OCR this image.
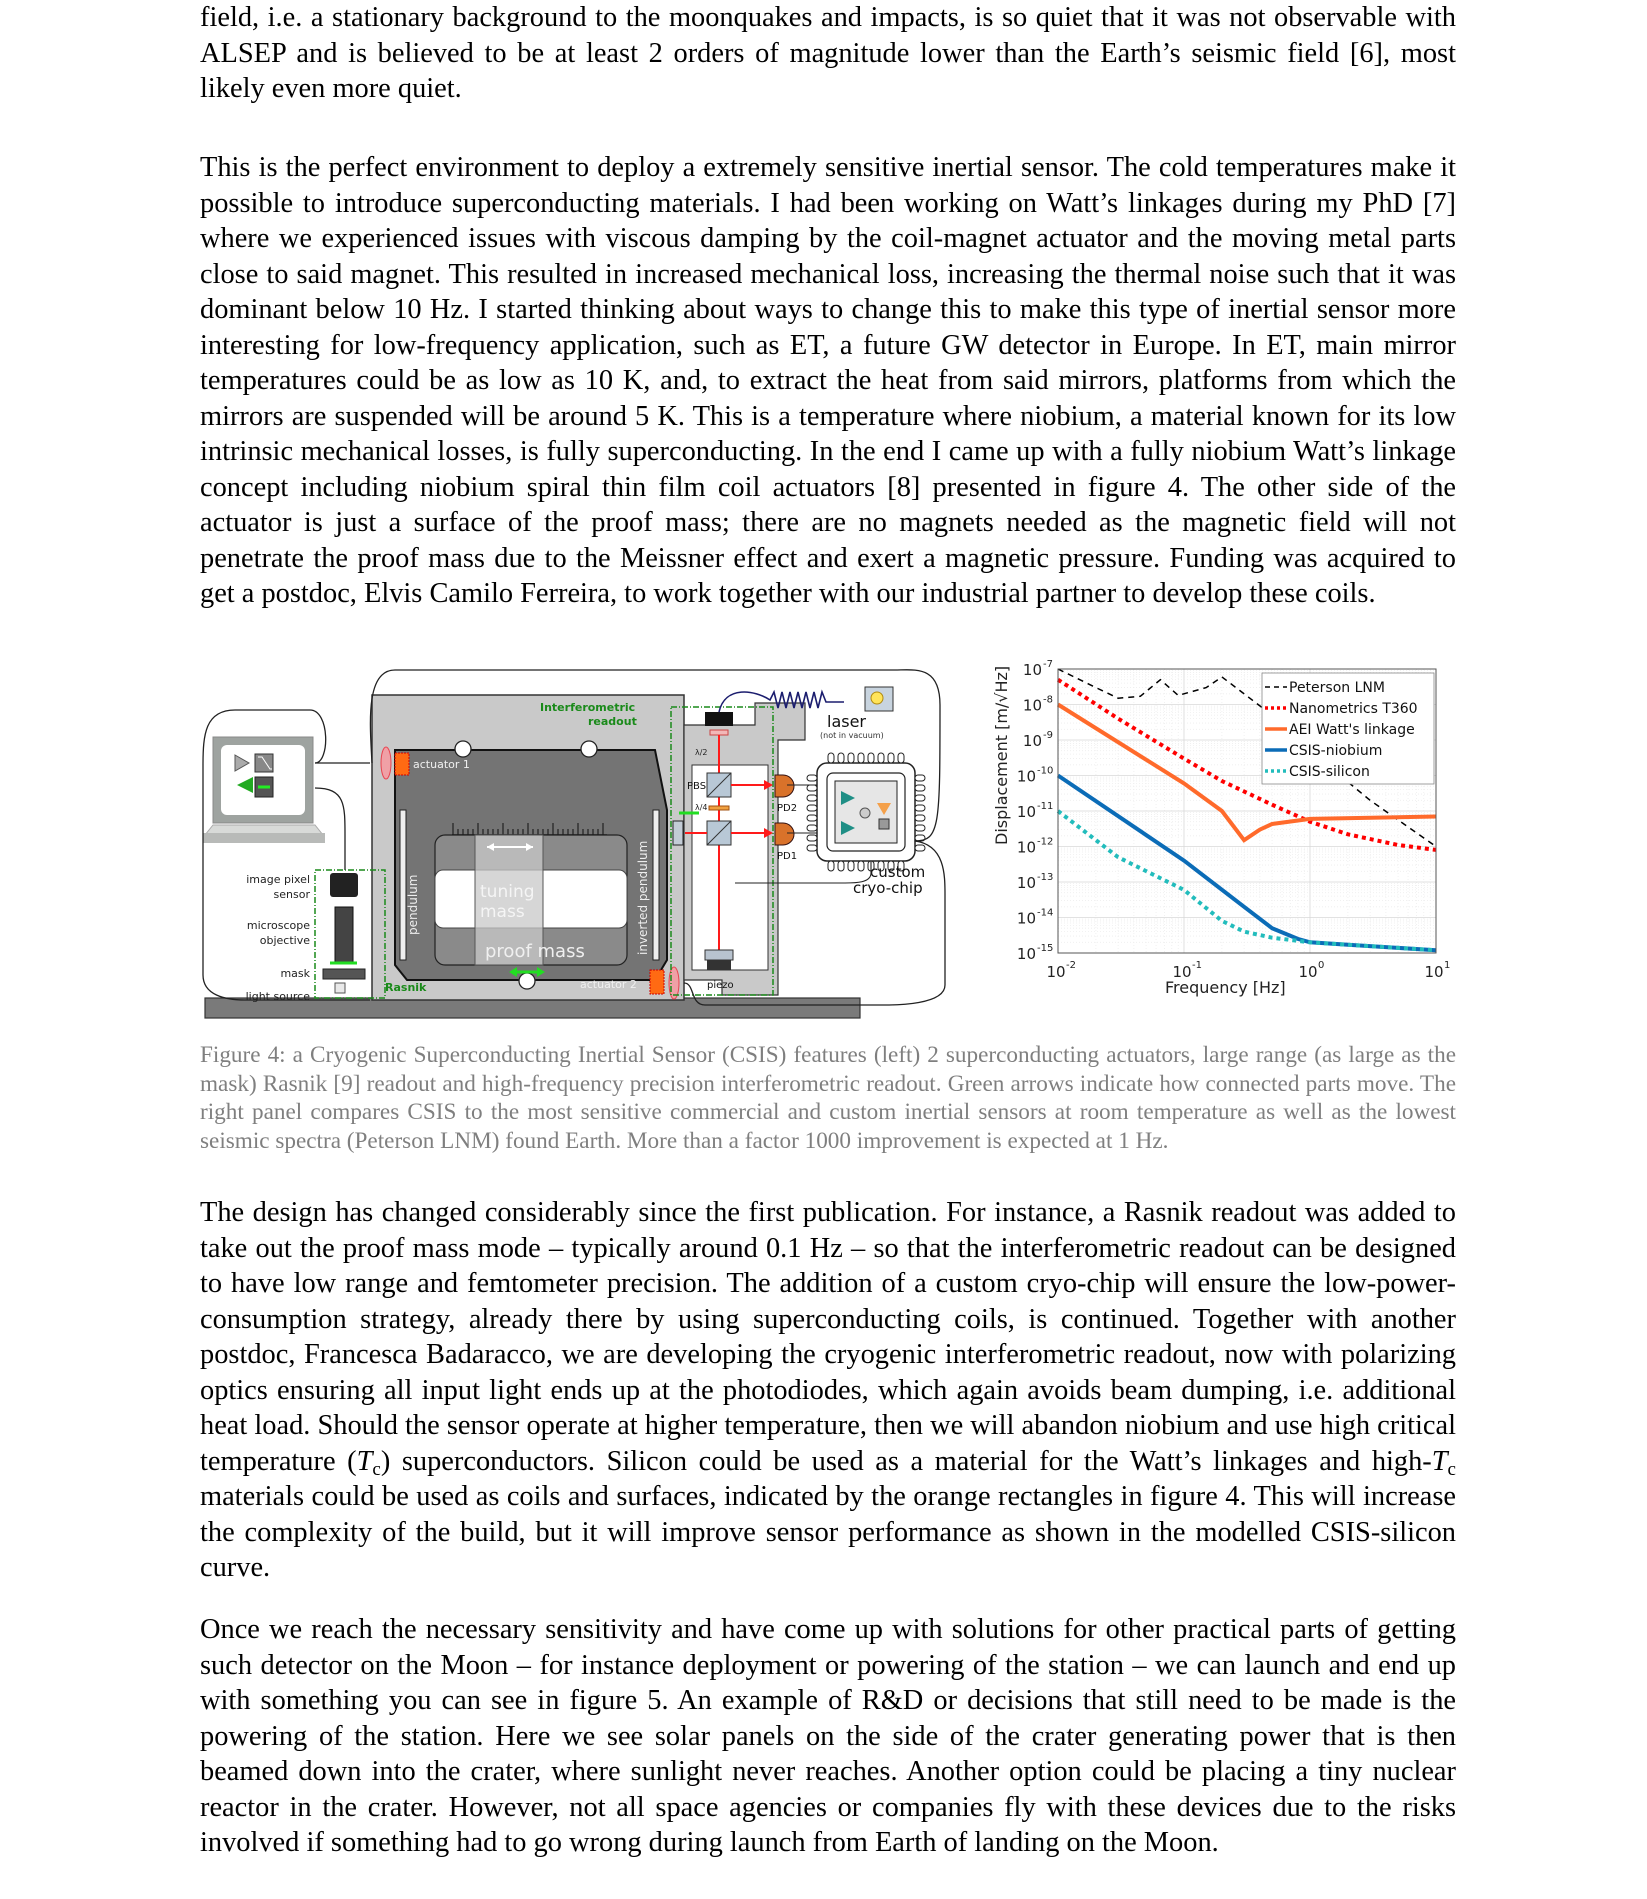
field, i.e. a stationary background to the moonquakes and impacts, is so quiet that it was not observable with ALSEP and is believed to be at least 2 orders of magnitude lower than the Earth’s seismic field [6], most likely even more quiet.

This is the perfect environment to deploy a extremely sensitive inertial sensor. The cold temperatures make it possible to introduce superconducting materials. I had been working on Watt’s linkages during my PhD [7] where we experienced issues with viscous damping by the coil-magnet actuator and the moving metal parts close to said magnet. This resulted in increased mechanical loss, increasing the thermal noise such that it was dominant below 10 Hz. I started thinking about ways to change this to make this type of inertial sensor more interesting for low-frequency application, such as ET, a future GW detector in Europe. In ET, main mirror temperatures could be as low as 10 K, and, to extract the heat from said mirrors, platforms from which the mirrors are suspended will be around 5 K. This is a temperature where niobium, a material known for its low intrinsic mechanical losses, is fully superconducting. In the end I came up with a fully niobium Watt’s linkage concept including niobium spiral thin film coil actuators [8] presented in figure 4. The other side of the actuator is just a surface of the proof mass; there are no magnets needed as the magnetic field will not penetrate the proof mass due to the Meissner effect and exert a magnetic pressure. Funding was acquired to get a postdoc, Elvis Camilo Ferreira, to work together with our industrial partner to develop these coils.

tuning
mass
proof mass
pendulum	inverted pendulum
actuator 1
actuator 2
Interferometric
readout
PBS
λ/2
λ/4	PD2
PD1
piezo
laser
(not in vacuum)
custom
cryo-chip
Rasnik
image pixel
sensor
microscope
objective
mask
light source
10 -7
10 -8
10 -9
10 -10
10 -11
10 -12
10 -13
10 -14
10 -15
10 -2	10 -1	10 0	10 1
Displacement [m/√Hz]
Frequency [Hz]
Peterson LNM
Nanometrics T360
AEI Watt's linkage
CSIS-niobium
CSIS-silicon

Figure 4: a Cryogenic Superconducting Inertial Sensor (CSIS) features (left) 2 superconducting actuators, large range (as large as the mask) Rasnik [9] readout and high-frequency precision interferometric readout. Green arrows indicate how connected parts move. The right panel compares CSIS to the most sensitive commercial and custom inertial sensors at room temperature as well as the lowest seismic spectra (Peterson LNM) found Earth. More than a factor 1000 improvement is expected at 1 Hz.

The design has changed considerably since the first publication. For instance, a Rasnik readout was added to take out the proof mass mode – typically around 0.1 Hz – so that the interferometric readout can be designed to have low range and femtometer precision. The addition of a custom cryo-chip will ensure the low-power-consumption strategy, already there by using superconducting coils, is continued. Together with another postdoc, Francesca Badaracco, we are developing the cryogenic interferometric readout, now with polarizing optics ensuring all input light ends up at the photodiodes, which again avoids beam dumping, i.e. additional heat load. Should the sensor operate at higher temperature, then we will abandon niobium and use high critical temperature $(T_c)$ superconductors. Silicon could be used as a material for the Watt’s linkages and high-$T_c$ materials could be used as coils and surfaces, indicated by the orange rectangles in figure 4. This will increase the complexity of the build, but it will improve sensor performance as shown in the modelled CSIS-silicon curve.

Once we reach the necessary sensitivity and have come up with solutions for other practical parts of getting such detector on the Moon – for instance deployment or powering of the station – we can launch and end up with something you can see in figure 5. An example of R&D or decisions that still need to be made is the powering of the station. Here we see solar panels on the side of the crater generating power that is then beamed down into the crater, where sunlight never reaches. Another option could be placing a tiny nuclear reactor in the crater. However, not all space agencies or companies fly with these devices due to the risks involved if something had to go wrong during launch from Earth of landing on the Moon.
